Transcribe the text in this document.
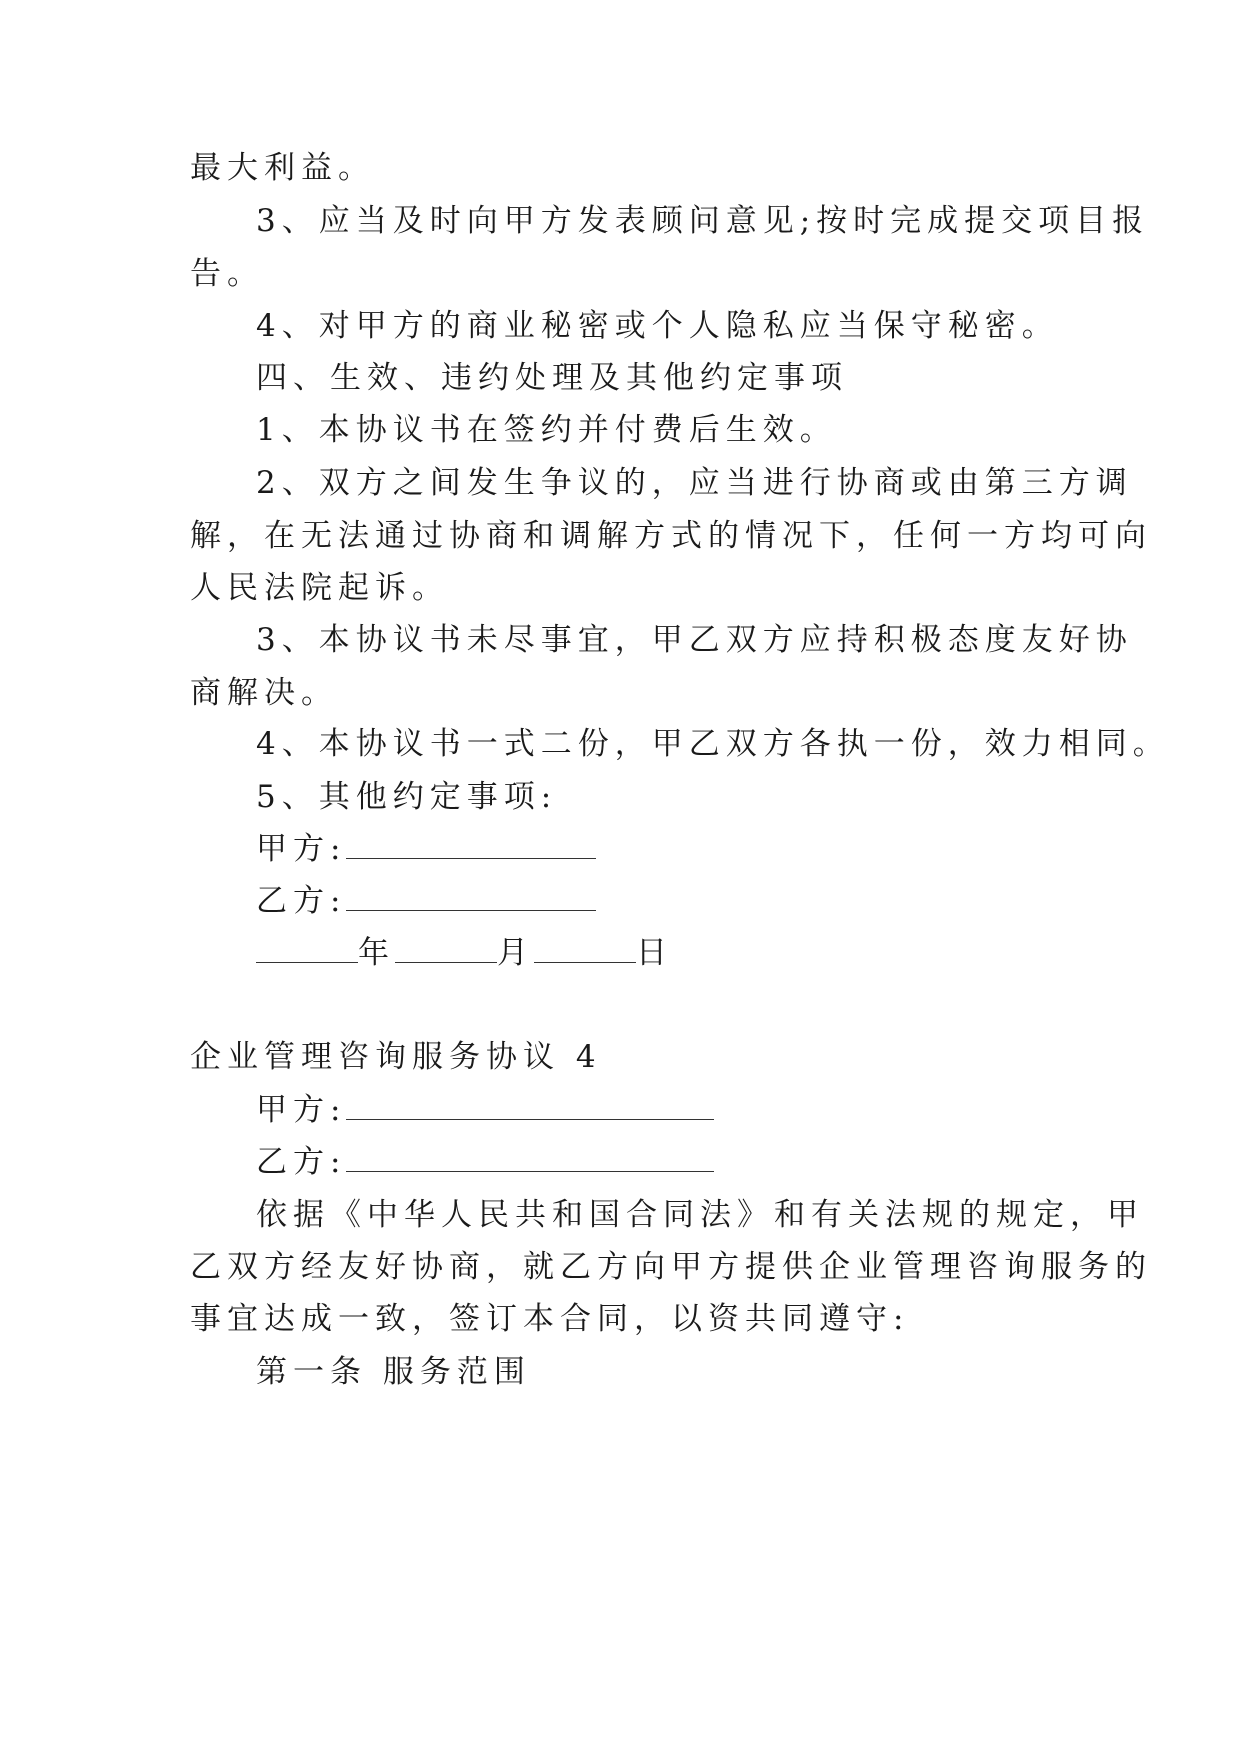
最大利益。
3、应当及时向甲方发表顾问意见;按时完成提交项目报
告。
4、对甲方的商业秘密或个人隐私应当保守秘密。
四、生效、违约处理及其他约定事项
1、本协议书在签约并付费后生效。
2、双方之间发生争议的，应当进行协商或由第三方调
解，在无法通过协商和调解方式的情况下，任何一方均可向
人民法院起诉。
3、本协议书未尽事宜，甲乙双方应持积极态度友好协
商解决。
4、本协议书一式二份，甲乙双方各执一份，效力相同。
5、其他约定事项:
甲方:
乙方:
年	月	日
企业管理咨询服务协议 4
甲方:
乙方:
依据《中华人民共和国合同法》和有关法规的规定，甲
乙双方经友好协商，就乙方向甲方提供企业管理咨询服务的
事宜达成一致，签订本合同，以资共同遵守:
第一条 服务范围
